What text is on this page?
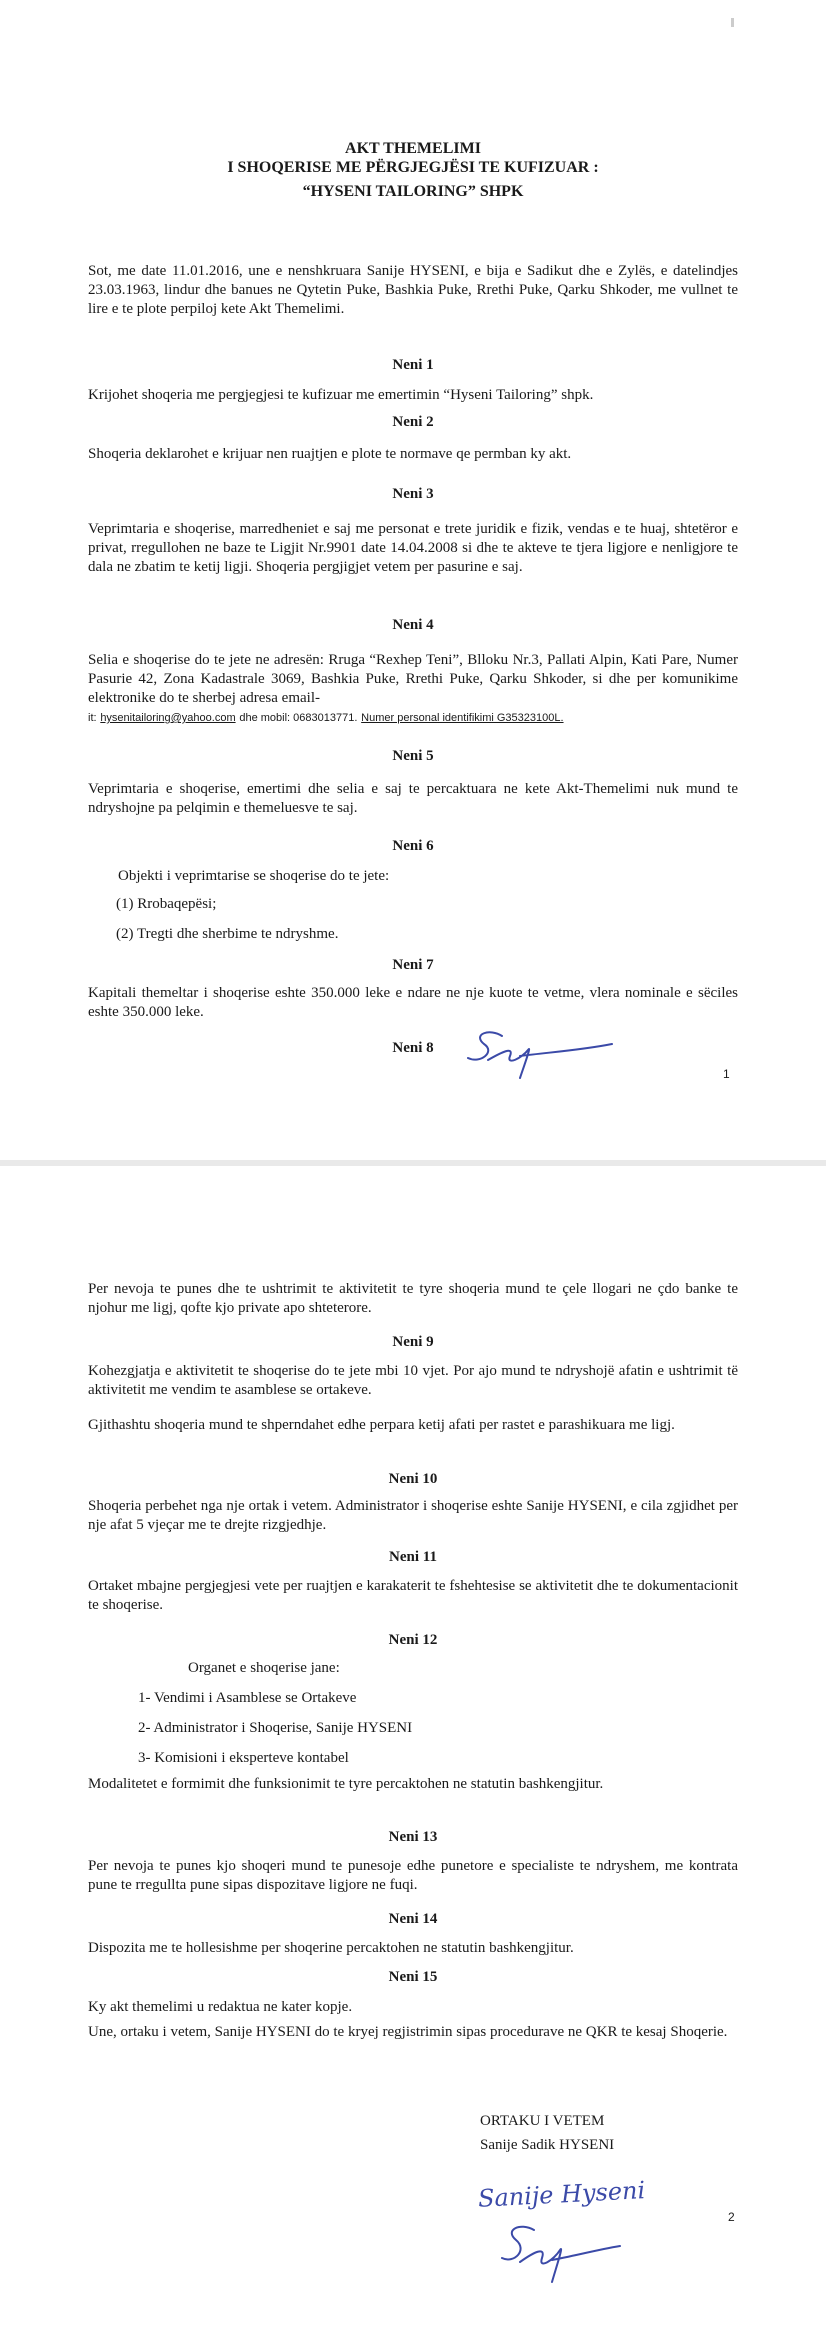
AKT THEMELIMI
I SHOQERISE ME PËRGJEGJËSI TE KUFIZUAR :
“HYSENI TAILORING” SHPK
Sot, me date 11.01.2016, une e nenshkruara Sanije HYSENI, e bija e Sadikut dhe e Zylës, e datelindjes 23.03.1963, lindur dhe banues ne Qytetin Puke, Bashkia Puke, Rrethi Puke, Qarku Shkoder, me vullnet te lire e te plote perpiloj kete Akt Themelimi.
Neni 1
Krijohet shoqeria me pergjegjesi te kufizuar me emertimin “Hyseni Tailoring” shpk.
Neni 2
Shoqeria deklarohet e krijuar nen ruajtjen e plote te normave qe permban ky akt.
Neni 3
Veprimtaria e shoqerise, marredheniet e saj me personat e trete juridik e fizik, vendas e te huaj, shtetëror e privat, rregullohen ne baze te Ligjit Nr.9901 date 14.04.2008 si dhe te akteve te tjera ligjore e nenligjore te dala ne zbatim te ketij ligji. Shoqeria pergjigjet vetem per pasurine e saj.
Neni 4
Selia e shoqerise do te jete ne adresën: Rruga “Rexhep Teni”, Blloku Nr.3, Pallati Alpin, Kati Pare, Numer Pasurie 42, Zona Kadastrale 3069, Bashkia Puke, Rrethi Puke, Qarku Shkoder, si dhe per komunikime elektronike do te sherbej adresa email-
it: hysenitailoring@yahoo.com dhe mobil: 0683013771. Numer personal identifikimi G35323100L.
Neni 5
Veprimtaria e shoqerise, emertimi dhe selia e saj te percaktuara ne kete Akt-Themelimi nuk mund te ndryshojne pa pelqimin e themeluesve te saj.
Neni 6
Objekti i veprimtarise se shoqerise do te jete:
(1) Rrobaqepësi;
(2) Tregti dhe sherbime te ndryshme.
Neni 7
Kapitali themeltar i shoqerise eshte 350.000 leke e ndare ne nje kuote te vetme, vlera nominale e sëciles eshte 350.000 leke.
Neni 8
1
Per nevoja te punes dhe te ushtrimit te aktivitetit te tyre shoqeria mund te çele llogari ne çdo banke te njohur me ligj, qofte kjo private apo shteterore.
Neni 9
Kohezgjatja e aktivitetit te shoqerise do te jete mbi 10 vjet. Por ajo mund te ndryshojë afatin e ushtrimit të aktivitetit me vendim te asamblese se ortakeve.
Gjithashtu shoqeria mund te shperndahet edhe perpara ketij afati per rastet e parashikuara me ligj.
Neni 10
Shoqeria perbehet nga nje ortak i vetem. Administrator i shoqerise eshte Sanije HYSENI, e cila zgjidhet per nje afat 5 vjeçar me te drejte rizgjedhje.
Neni 11
Ortaket mbajne pergjegjesi vete per ruajtjen e karakaterit te fshehtesise se aktivitetit dhe te dokumentacionit te shoqerise.
Neni 12
Organet e shoqerise jane:
1- Vendimi i Asamblese se Ortakeve
2- Administrator i Shoqerise, Sanije HYSENI
3- Komisioni i eksperteve kontabel
Modalitetet e formimit dhe funksionimit te tyre percaktohen ne statutin bashkengjitur.
Neni 13
Per nevoja te punes kjo shoqeri mund te punesoje edhe punetore e specialiste te ndryshem, me kontrata pune te rregullta pune sipas dispozitave ligjore ne fuqi.
Neni 14
Dispozita me te hollesishme per shoqerine percaktohen ne statutin bashkengjitur.
Neni 15
Ky akt themelimi u redaktua ne kater kopje.
Une, ortaku i vetem, Sanije HYSENI do te kryej regjistrimin sipas procedurave ne QKR te kesaj Shoqerie.
ORTAKU I VETEM
Sanije Sadik HYSENI
Sanije Hyseni
2
